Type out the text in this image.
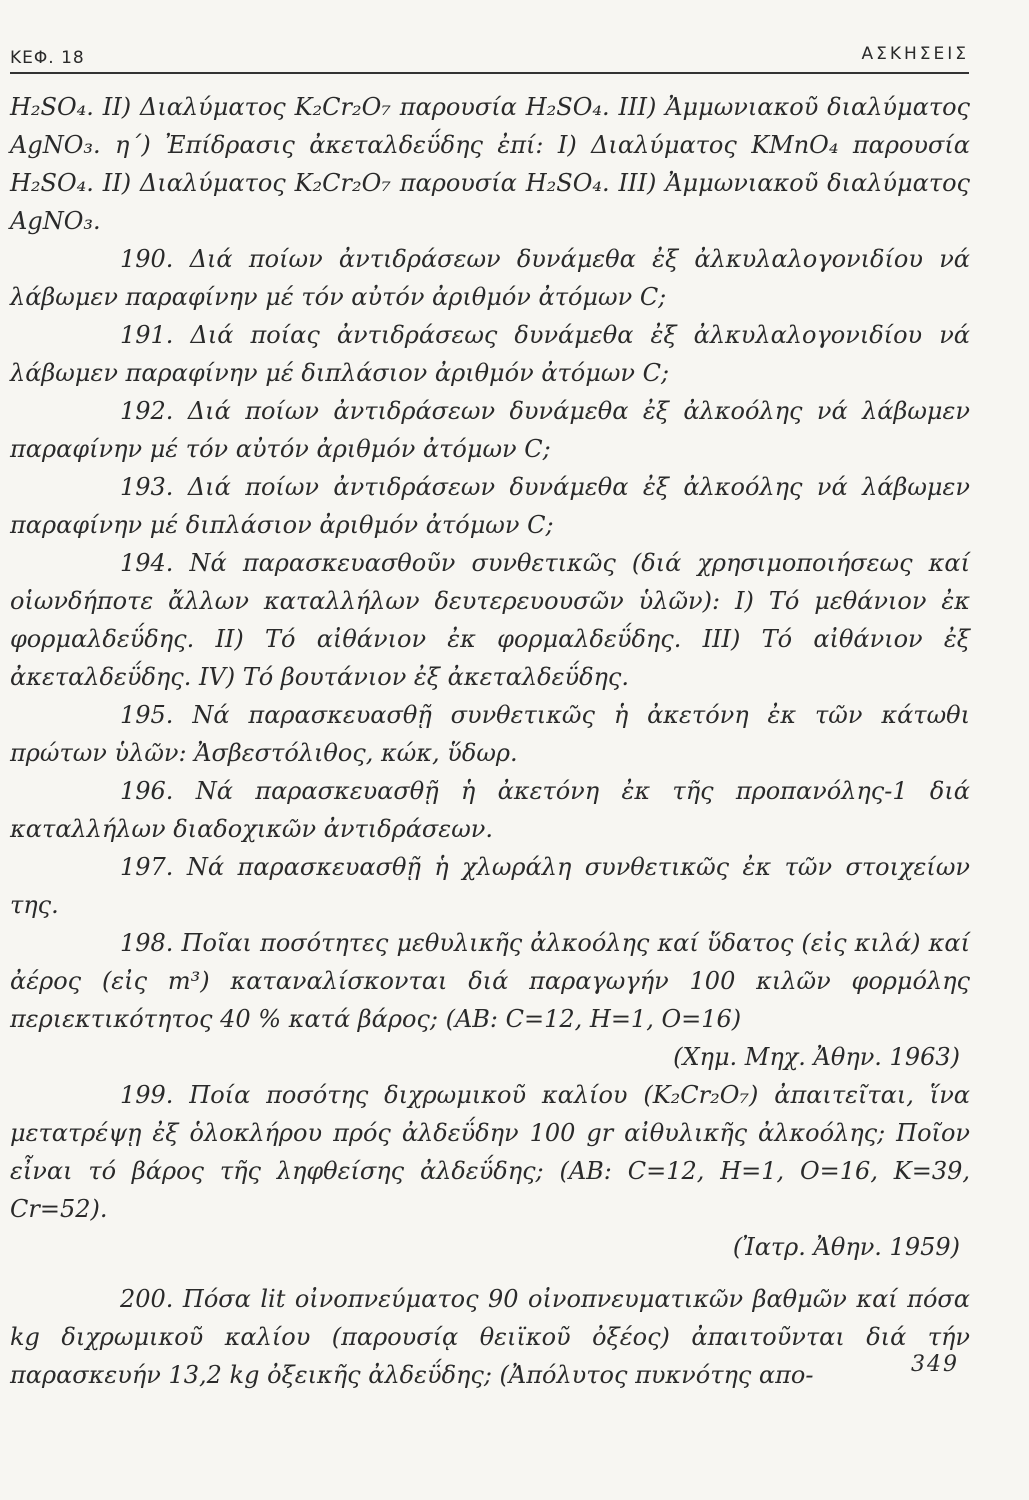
ΚΕΦ. 18	ΑΣΚΗΣΕΙΣ

H₂SO₄. II) Διαλύματος K₂Cr₂O₇ παρουσία H₂SO₄. III) Ἀμμωνιακοῦ διαλύματος AgNO₃. η΄) Ἐπίδρασις ἀκεταλδεΰδης ἐπί: I) Διαλύματος KMnO₄ παρουσία H₂SO₄. II) Διαλύματος K₂Cr₂O₇ παρουσία H₂SO₄. III) Ἀμμωνιακοῦ διαλύματος AgNO₃.

190. Διά ποίων ἀντιδράσεων δυνάμεθα ἐξ ἀλκυλαλογονιδίου νά λάβωμεν παραφίνην μέ τόν αὐτόν ἀριθμόν ἀτόμων C;

191. Διά ποίας ἀντιδράσεως δυνάμεθα ἐξ ἀλκυλαλογονιδίου νά λάβωμεν παραφίνην μέ διπλάσιον ἀριθμόν ἀτόμων C;

192. Διά ποίων ἀντιδράσεων δυνάμεθα ἐξ ἀλκοόλης νά λάβωμεν παραφίνην μέ τόν αὐτόν ἀριθμόν ἀτόμων C;

193. Διά ποίων ἀντιδράσεων δυνάμεθα ἐξ ἀλκοόλης νά λάβωμεν παραφίνην μέ διπλάσιον ἀριθμόν ἀτόμων C;

194. Νά παρασκευασθοῦν συνθετικῶς (διά χρησιμοποιήσεως καί οἱωνδήποτε ἄλλων καταλλήλων δευτερευουσῶν ὑλῶν): I) Τό μεθάνιον ἐκ φορμαλδεΰδης. II) Τό αἰθάνιον ἐκ φορμαλδεΰδης. III) Τό αἰθάνιον ἐξ ἀκεταλδεΰδης. IV) Τό βουτάνιον ἐξ ἀκεταλδεΰδης.

195. Νά παρασκευασθῇ συνθετικῶς ἡ ἀκετόνη ἐκ τῶν κάτωθι πρώτων ὑλῶν: Ἀσβεστόλιθος, κώκ, ὕδωρ.

196. Νά παρασκευασθῇ ἡ ἀκετόνη ἐκ τῆς προπανόλης-1 διά καταλλήλων διαδοχικῶν ἀντιδράσεων.

197. Νά παρασκευασθῇ ἡ χλωράλη συνθετικῶς ἐκ τῶν στοιχείων της.

198. Ποῖαι ποσότητες μεθυλικῆς ἀλκοόλης καί ὕδατος (εἰς κιλά) καί ἀέρος (εἰς m³) καταναλίσκονται διά παραγωγήν 100 κιλῶν φορμόλης περιεκτικότητος 40 % κατά βάρος; (ΑΒ: C=12, H=1, O=16)
(Χημ. Μηχ. Ἀθην. 1963)

199. Ποία ποσότης διχρωμικοῦ καλίου (K₂Cr₂O₇) ἀπαιτεῖται, ἵνα μετατρέψῃ ἐξ ὁλοκλήρου πρός ἀλδεΰδην 100 gr αἰθυλικῆς ἀλκοόλης; Ποῖον εἶναι τό βάρος τῆς ληφθείσης ἀλδεΰδης; (ΑΒ: C=12, H=1, O=16, K=39, Cr=52).
(Ἰατρ. Ἀθην. 1959)

200. Πόσα lit οἰνοπνεύματος 90 οἰνοπνευματικῶν βαθμῶν καί πόσα kg διχρωμικοῦ καλίου (παρουσίᾳ θειϊκοῦ ὀξέος) ἀπαιτοῦνται διά τήν παρασκευήν 13,2 kg ὀξεικῆς ἀλδεΰδης; (Ἀπόλυτος πυκνότης απο-	349
